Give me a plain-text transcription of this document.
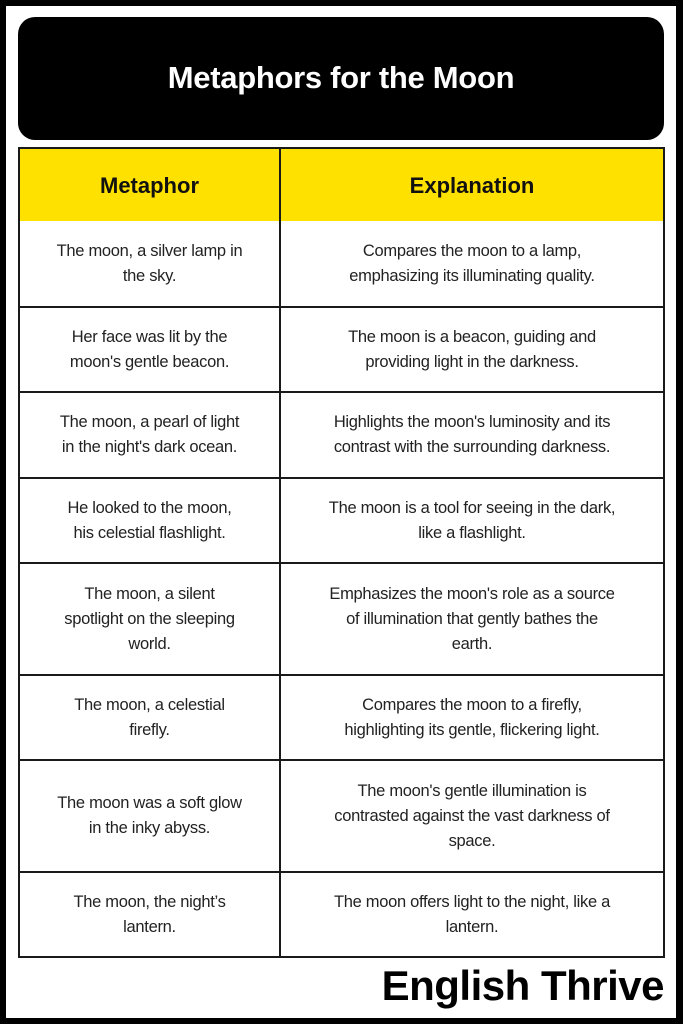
Metaphors for the Moon
Metaphor	Explanation
The moon, a silver lamp in
the sky.
Compares the moon to a lamp,
emphasizing its illuminating quality.
Her face was lit by the
moon's gentle beacon.
The moon is a beacon, guiding and
providing light in the darkness.
The moon, a pearl of light
in the night's dark ocean.
Highlights the moon's luminosity and its
contrast with the surrounding darkness.
He looked to the moon,
his celestial flashlight.
The moon is a tool for seeing in the dark,
like a flashlight.
The moon, a silent
spotlight on the sleeping
world.
Emphasizes the moon's role as a source
of illumination that gently bathes the
earth.
The moon, a celestial
firefly.
Compares the moon to a firefly,
highlighting its gentle, flickering light.
The moon was a soft glow
in the inky abyss.
The moon's gentle illumination is
contrasted against the vast darkness of
space.
The moon, the night’s
lantern.
The moon offers light to the night, like a
lantern.
English Thrive
